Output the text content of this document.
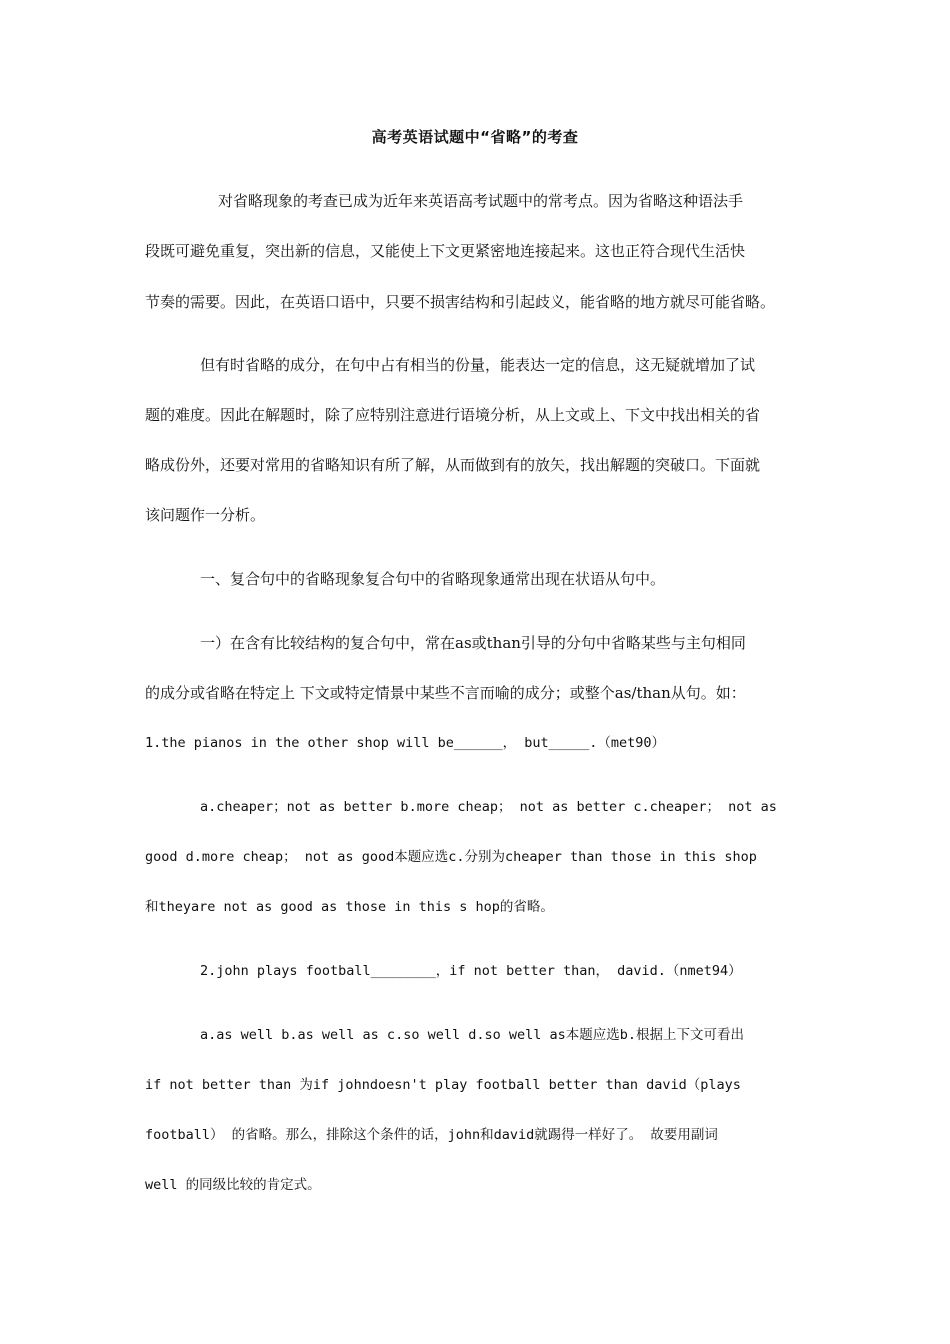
高考英语试题中“省略”的考查
对省略现象的考查已成为近年来英语高考试题中的常考点。因为省略这种语法手
段既可避免重复，突出新的信息，又能使上下文更紧密地连接起来。这也正符合现代生活快
节奏的需要。因此，在英语口语中，只要不损害结构和引起歧义，能省略的地方就尽可能省略。
但有时省略的成分，在句中占有相当的份量，能表达一定的信息，这无疑就增加了试
题的难度。因此在解题时，除了应特别注意进行语境分析，从上文或上、下文中找出相关的省
略成份外，还要对常用的省略知识有所了解，从而做到有的放矢，找出解题的突破口。下面就
该问题作一分析。
一、复合句中的省略现象复合句中的省略现象通常出现在状语从句中。
一）在含有比较结构的复合句中，常在as或than引导的分句中省略某些与主句相同
的成分或省略在特定上 下文或特定情景中某些不言而喻的成分；或整个as/than从句。如：
1.the pianos in the other shop will be______， but_____.（met90）
a.cheaper；not as better b.more cheap； not as better c.cheaper； not as
good d.more cheap； not as good本题应选c.分别为cheaper than those in this shop
和theyare not as good as those in this s hop的省略。
2.john plays football________，if not better than， david.（nmet94）
a.as well b.as well as c.so well d.so well as本题应选b.根据上下文可看出
if not better than 为if johndoesn't play football better than david（plays
football） 的省略。那么，排除这个条件的话，john和david就踢得一样好了。 故要用副词
well 的同级比较的肯定式。
